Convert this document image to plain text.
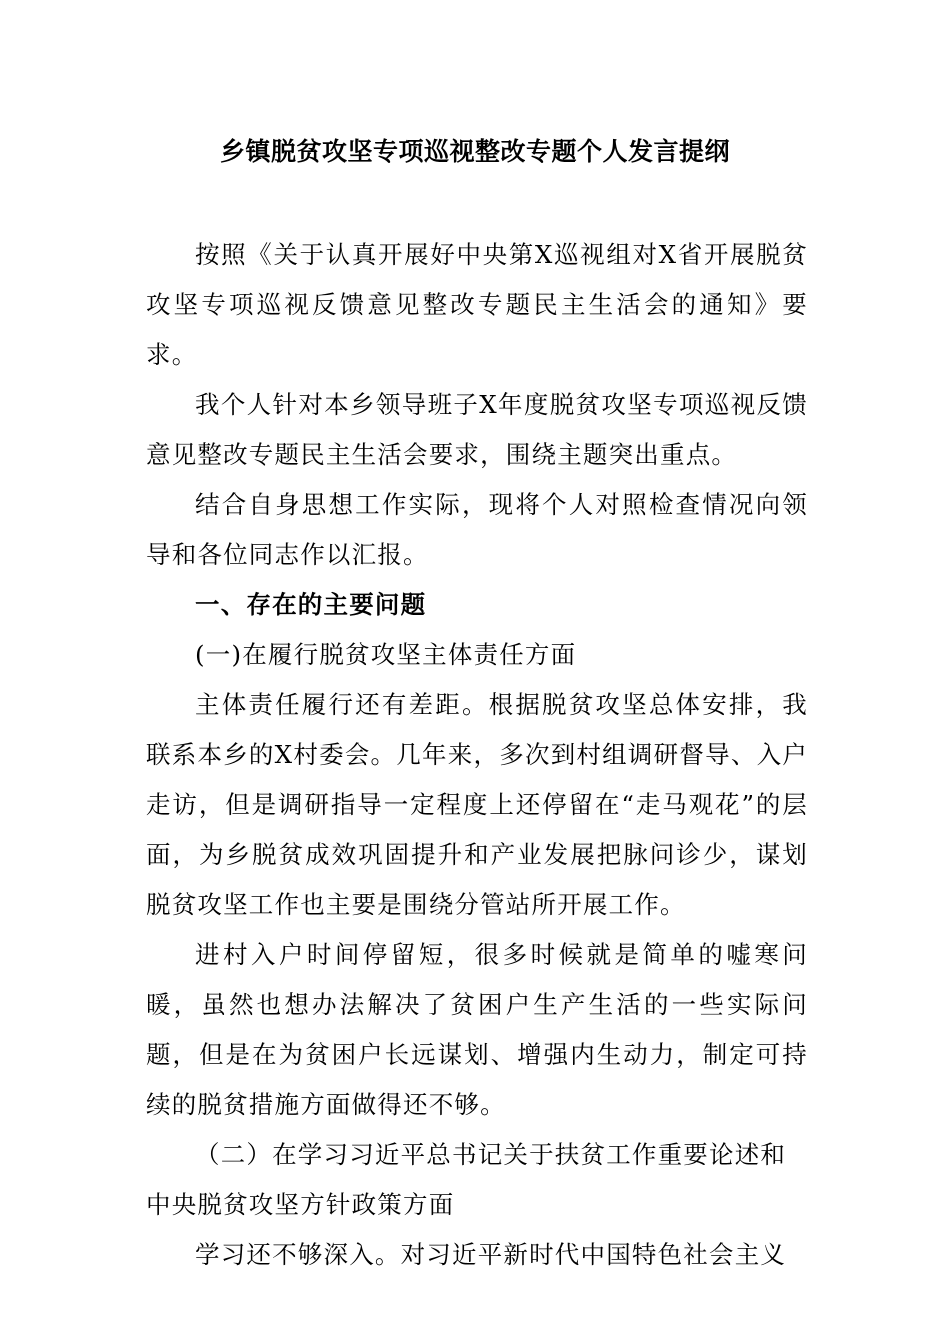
乡镇脱贫攻坚专项巡视整改专题个人发言提纲

按照《关于认真开展好中央第X巡视组对X省开展脱贫攻坚专项巡视反馈意见整改专题民主生活会的通知》要求。

我个人针对本乡领导班子X年度脱贫攻坚专项巡视反馈意见整改专题民主生活会要求，围绕主题突出重点。

结合自身思想工作实际，现将个人对照检查情况向领导和各位同志作以汇报。

一、存在的主要问题

(一)在履行脱贫攻坚主体责任方面

主体责任履行还有差距。根据脱贫攻坚总体安排，我联系本乡的X村委会。几年来，多次到村组调研督导、入户走访，但是调研指导一定程度上还停留在“走马观花”的层面，为乡脱贫成效巩固提升和产业发展把脉问诊少，谋划脱贫攻坚工作也主要是围绕分管站所开展工作。

进村入户时间停留短，很多时候就是简单的嘘寒问暖，虽然也想办法解决了贫困户生产生活的一些实际问题，但是在为贫困户长远谋划、增强内生动力，制定可持续的脱贫措施方面做得还不够。

（二）在学习习近平总书记关于扶贫工作重要论述和中央脱贫攻坚方针政策方面

学习还不够深入。对习近平新时代中国特色社会主义
